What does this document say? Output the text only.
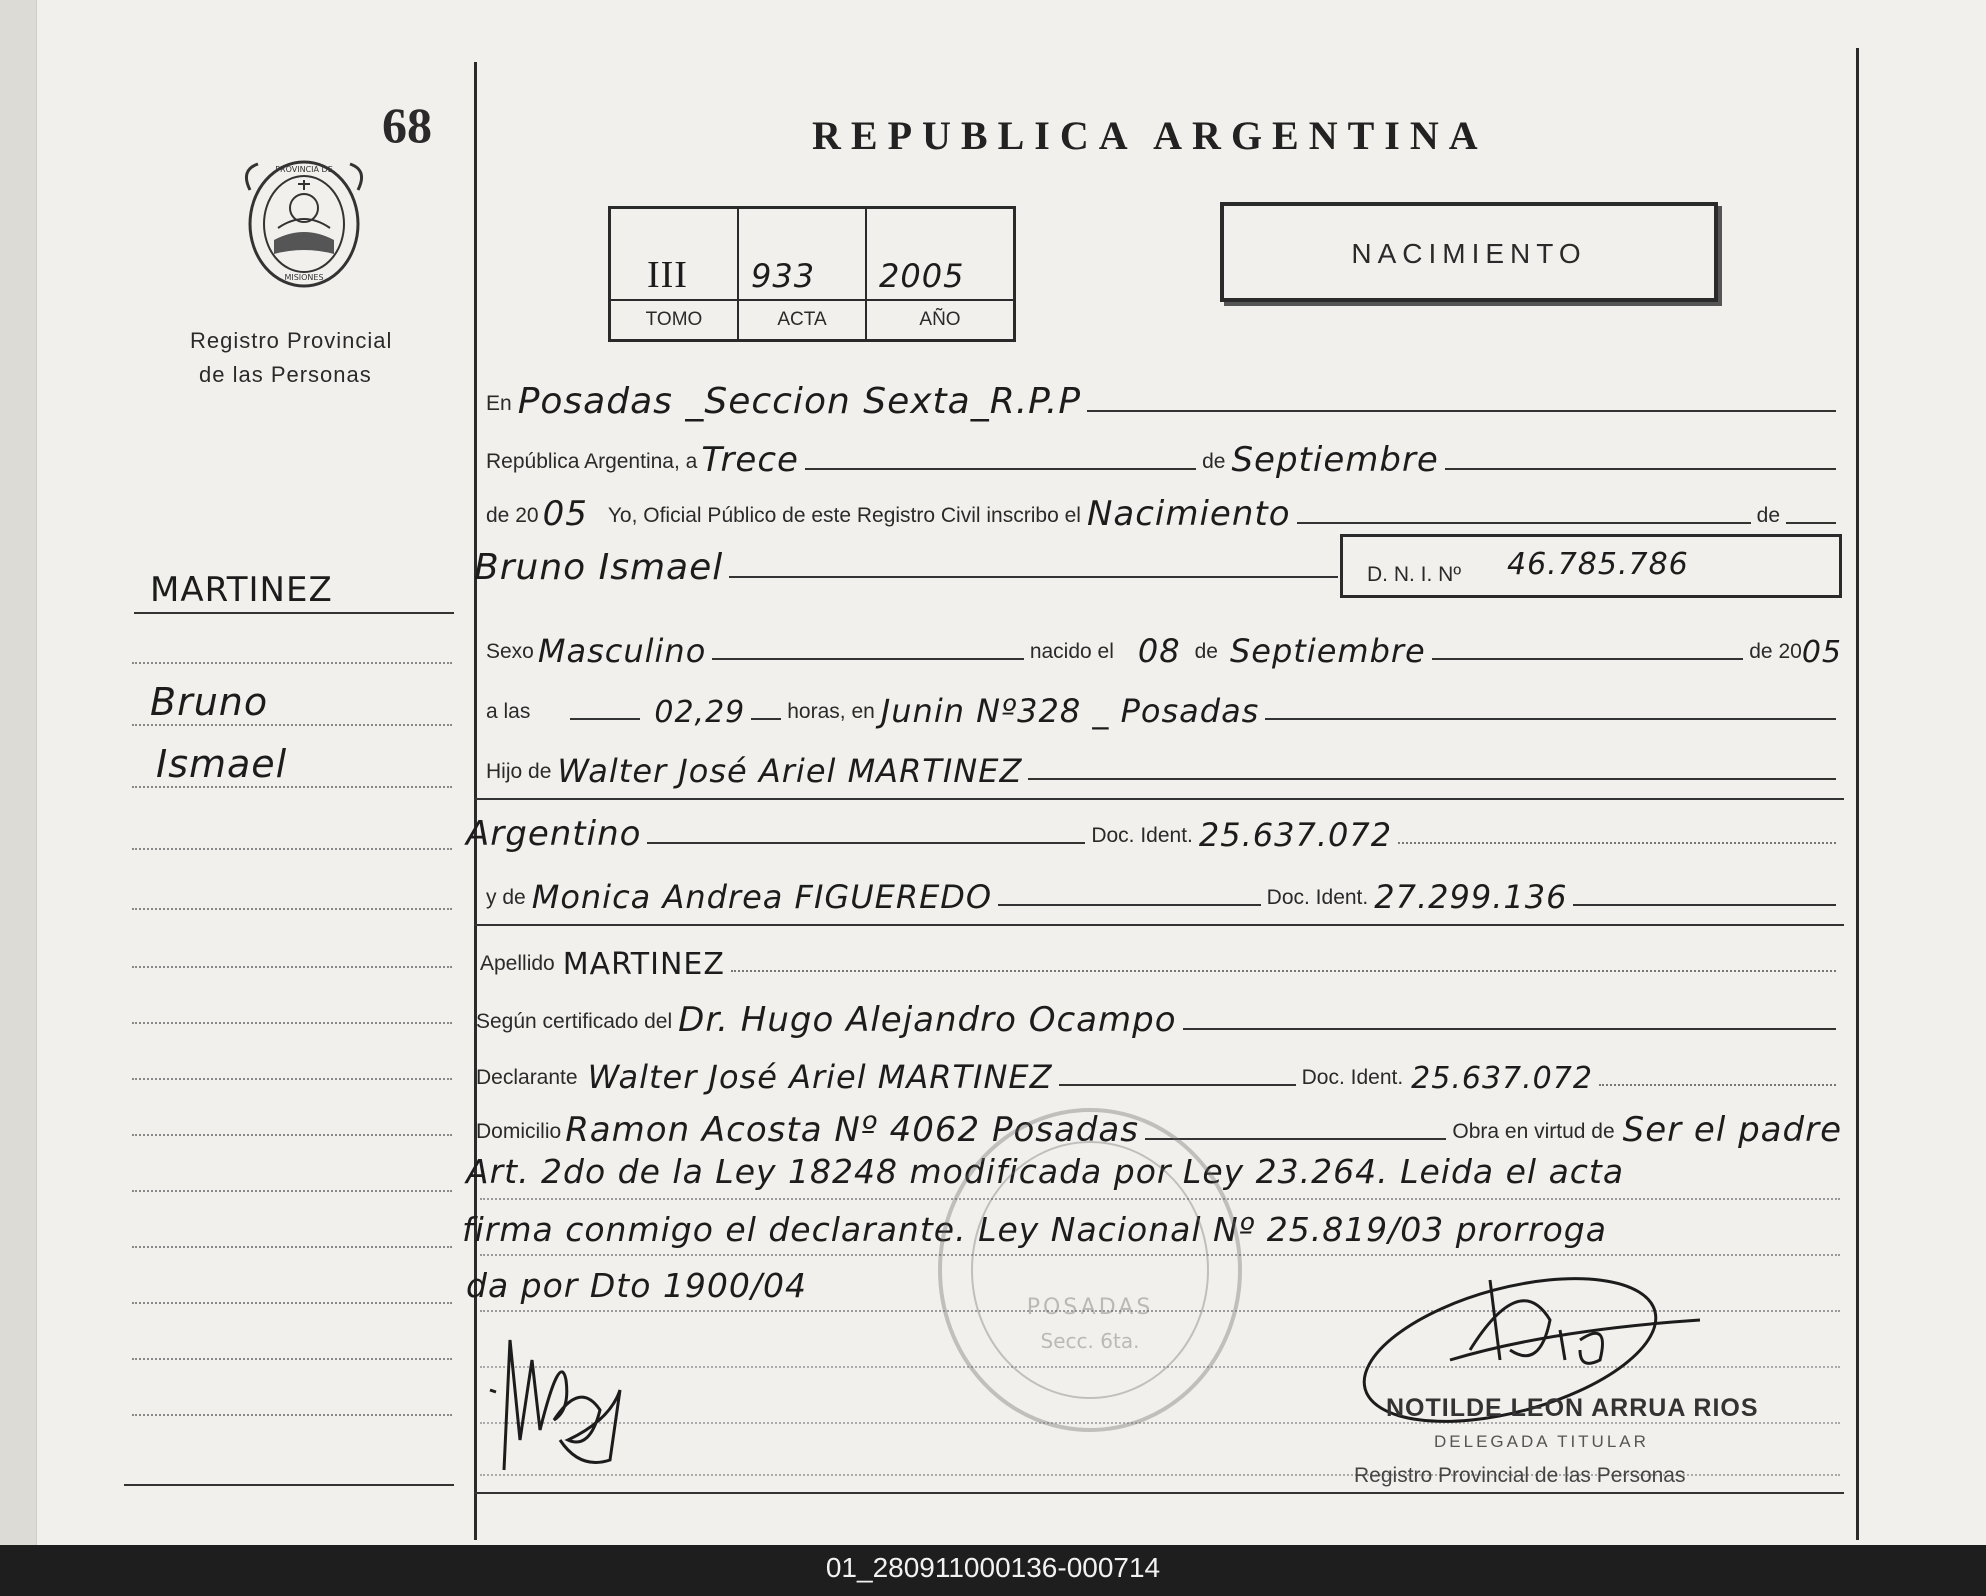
68
PROVINCIA DE
MISIONES
Registro Provincial
de las Personas
REPUBLICA ARGENTINA
III 933 2005
TOMO	ACTA	AÑO
NACIMIENTO
MARTINEZ
Bruno
Ismael
En Posadas _Seccion Sexta_R.P.P
República Argentina, a Trece	de Septiembre
de 20 05 Yo, Oficial Público de este Registro Civil inscribo el Nacimiento	de
Bruno Ismael	D. N. I. Nº 46.785.786
Sexo Masculino	nacido el 08 de Septiembre	de 20 05
a las	02,29 horas, en Junin Nº328 _ Posadas
Hijo de Walter José Ariel MARTINEZ
Argentino	Doc. Ident. 25.637.072
y de Monica Andrea FIGUEREDO	Doc. Ident. 27.299.136
Apellido MARTINEZ
Según certificado del Dr. Hugo Alejandro Ocampo
Declarante Walter José Ariel MARTINEZ	Doc. Ident. 25.637.072
Domicilio Ramon Acosta Nº 4062 Posadas	Obra en virtud de Ser el padre
Art. 2do de la Ley 18248 modificada por Ley 23.264. Leida el acta
firma conmigo el declarante. Ley Nacional Nº 25.819/03 prorroga
da por Dto 1900/04
POSADAS
Secc. 6ta.
NOTILDE LEON ARRUA RIOS
DELEGADA TITULAR
Registro Provincial de las Personas
01_280911000136-000714
